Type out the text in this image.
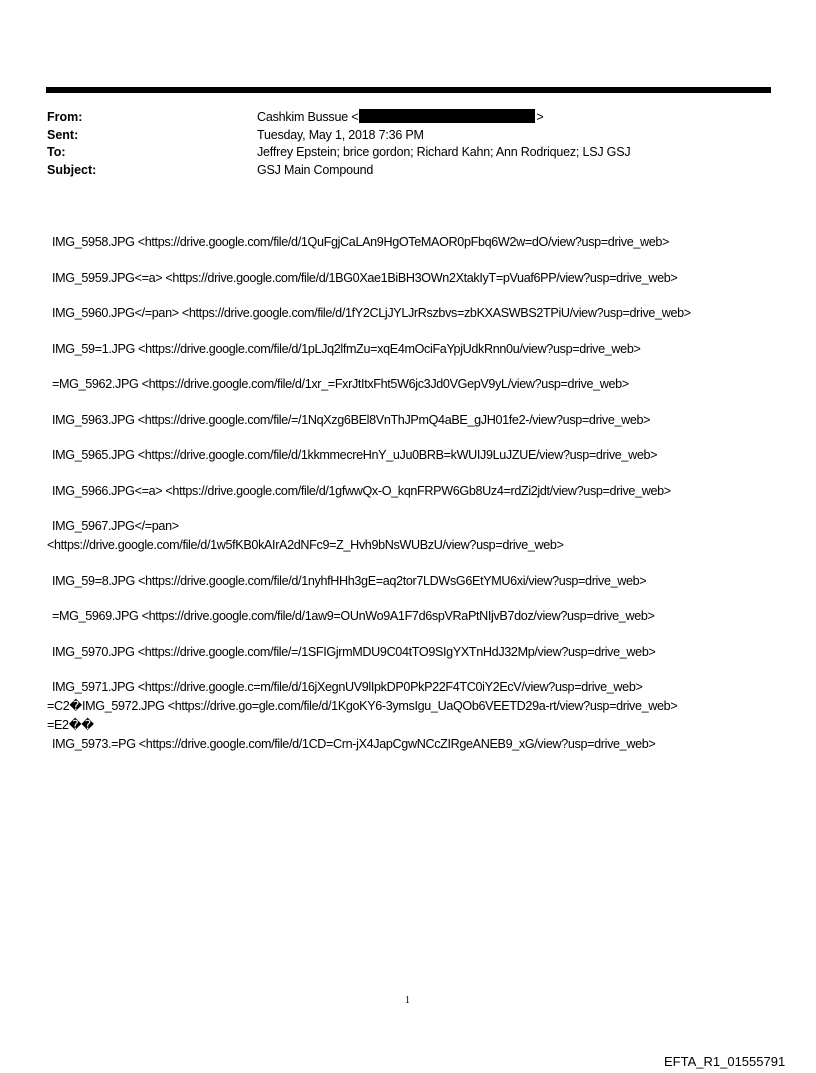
From:	Cashkim Bussue <	>
Sent:	Tuesday, May 1, 2018 7:36 PM
To:	Jeffrey Epstein; brice gordon; Richard Kahn; Ann Rodriquez; LSJ GSJ
Subject:	GSJ Main Compound
IMG_5958.JPG <https://drive.google.com/file/d/1QuFgjCaLAn9HgOTeMAOR0pFbq6W2w=dO/view?usp=drive_web>
IMG_5959.JPG<=a> <https://drive.google.com/file/d/1BG0Xae1BiBH3OWn2XtakIyT=pVuaf6PP/view?usp=drive_web>
IMG_5960.JPG</=pan> <https://drive.google.com/file/d/1fY2CLjJYLJrRszbvs=zbKXASWBS2TPiU/view?usp=drive_web>
IMG_59=1.JPG <https://drive.google.com/file/d/1pLJq2lfmZu=xqE4mOciFaYpjUdkRnn0u/view?usp=drive_web>
=MG_5962.JPG <https://drive.google.com/file/d/1xr_=FxrJtItxFht5W6jc3Jd0VGepV9yL/view?usp=drive_web>
IMG_5963.JPG <https://drive.google.com/file/=/1NqXzg6BEl8VnThJPmQ4aBE_gJH01fe2-/view?usp=drive_web>
IMG_5965.JPG <https://drive.google.com/file/d/1kkmmecreHnY_uJu0BRB=kWUIJ9LuJZUE/view?usp=drive_web>
IMG_5966.JPG<=a> <https://drive.google.com/file/d/1gfwwQx-O_kqnFRPW6Gb8Uz4=rdZi2jdt/view?usp=drive_web>
IMG_5967.JPG</=pan>
<https://drive.google.com/file/d/1w5fKB0kAIrA2dNFc9=Z_Hvh9bNsWUBzU/view?usp=drive_web>
IMG_59=8.JPG <https://drive.google.com/file/d/1nyhfHHh3gE=aq2tor7LDWsG6EtYMU6xi/view?usp=drive_web>
=MG_5969.JPG <https://drive.google.com/file/d/1aw9=OUnWo9A1F7d6spVRaPtNIjvB7doz/view?usp=drive_web>
IMG_5970.JPG <https://drive.google.com/file/=/1SFIGjrmMDU9C04tTO9SIgYXTnHdJ32Mp/view?usp=drive_web>
IMG_5971.JPG <https://drive.google.c=m/file/d/16jXegnUV9lIpkDP0PkP22F4TC0iY2EcV/view?usp=drive_web>
=C2�IMG_5972.JPG <https://drive.go=gle.com/file/d/1KgoKY6-3ymsIgu_UaQOb6VEETD29a-rt/view?usp=drive_web>
=E2��
IMG_5973.=PG <https://drive.google.com/file/d/1CD=Crn-jX4JapCgwNCcZIRgeANEB9_xG/view?usp=drive_web>
1
EFTA_R1_01555791
